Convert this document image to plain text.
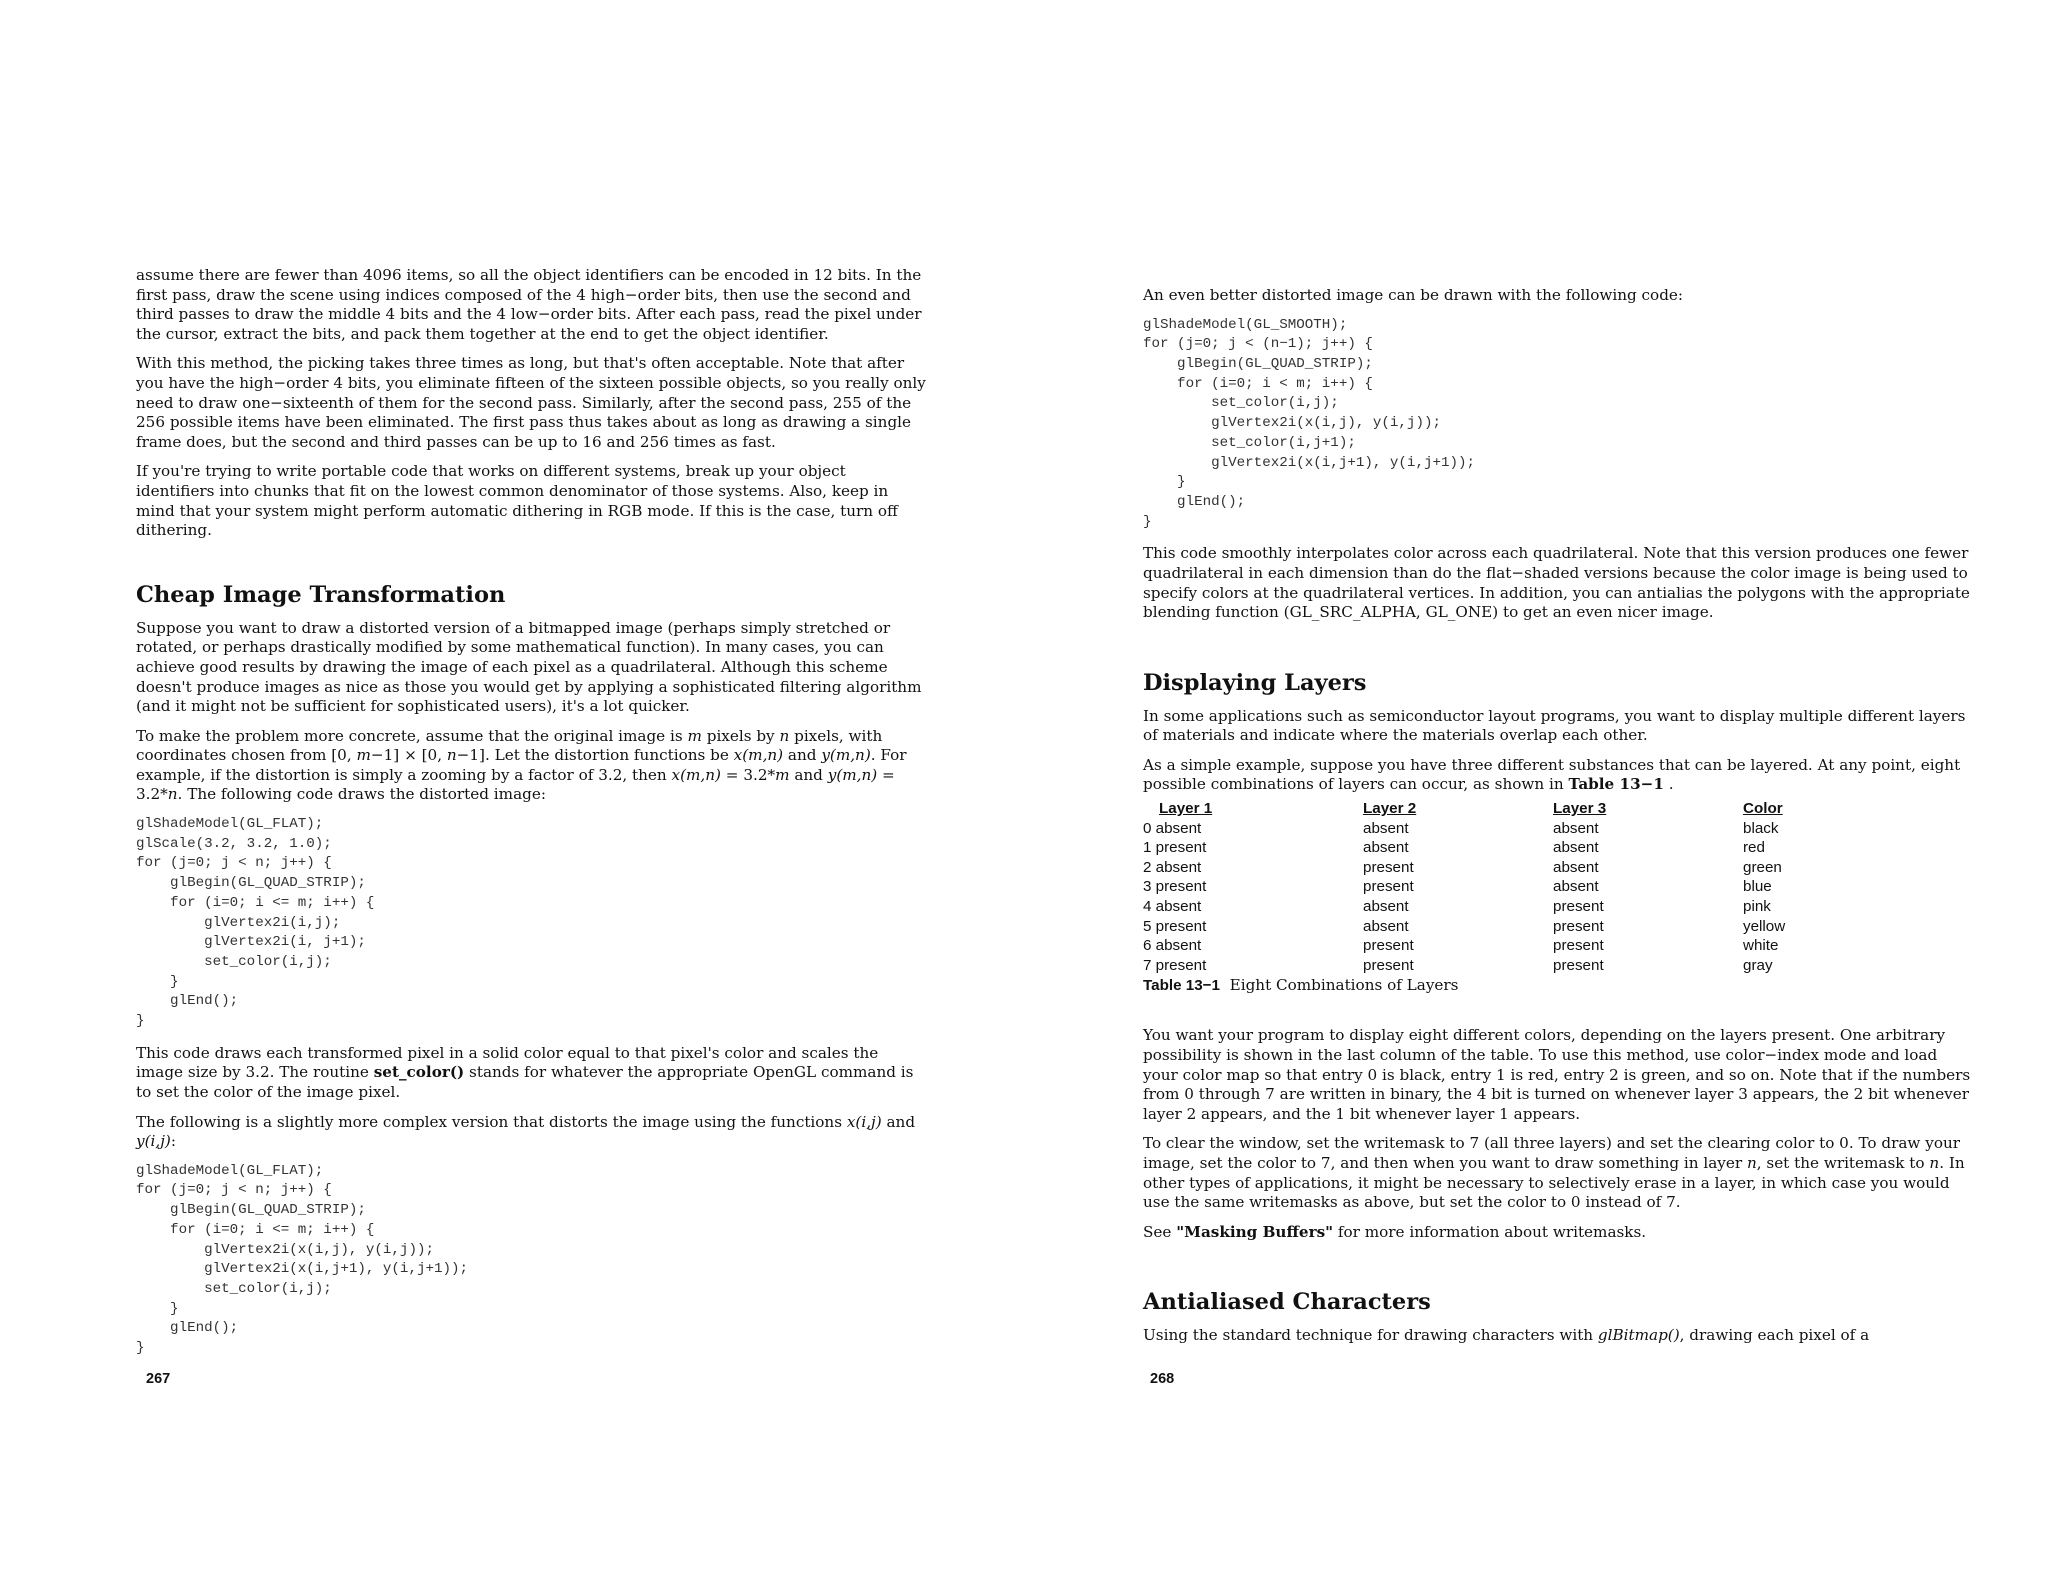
assume there are fewer than 4096 items, so all the object identifiers can be encoded in 12 bits. In the first pass, draw the scene using indices composed of the 4 high−order bits, then use the second and third passes to draw the middle 4 bits and the 4 low−order bits. After each pass, read the pixel under the cursor, extract the bits, and pack them together at the end to get the object identifier.

With this method, the picking takes three times as long, but that's often acceptable. Note that after you have the high−order 4 bits, you eliminate fifteen of the sixteen possible objects, so you really only need to draw one−sixteenth of them for the second pass. Similarly, after the second pass, 255 of the 256 possible items have been eliminated. The first pass thus takes about as long as drawing a single frame does, but the second and third passes can be up to 16 and 256 times as fast.

If you're trying to write portable code that works on different systems, break up your object identifiers into chunks that fit on the lowest common denominator of those systems. Also, keep in mind that your system might perform automatic dithering in RGB mode. If this is the case, turn off dithering.

Cheap Image Transformation

Suppose you want to draw a distorted version of a bitmapped image (perhaps simply stretched or rotated, or perhaps drastically modified by some mathematical function). In many cases, you can achieve good results by drawing the image of each pixel as a quadrilateral. Although this scheme doesn't produce images as nice as those you would get by applying a sophisticated filtering algorithm (and it might not be sufficient for sophisticated users), it's a lot quicker.

To make the problem more concrete, assume that the original image is m pixels by n pixels, with coordinates chosen from [0, m−1] × [0, n−1]. Let the distortion functions be x(m,n) and y(m,n). For example, if the distortion is simply a zooming by a factor of 3.2, then x(m,n) = 3.2*m and y(m,n) = 3.2*n. The following code draws the distorted image:

glShadeModel(GL_FLAT);
glScale(3.2, 3.2, 1.0);
for (j=0; j < n; j++) {
glBegin(GL_QUAD_STRIP);
for (i=0; i <= m; i++) {
glVertex2i(i,j);
glVertex2i(i, j+1);
set_color(i,j);
}
glEnd();
}

This code draws each transformed pixel in a solid color equal to that pixel's color and scales the image size by 3.2. The routine set_color() stands for whatever the appropriate OpenGL command is to set the color of the image pixel.

The following is a slightly more complex version that distorts the image using the functions x(i,j) and y(i,j):

glShadeModel(GL_FLAT);
for (j=0; j < n; j++) {
glBegin(GL_QUAD_STRIP);
for (i=0; i <= m; i++) {
glVertex2i(x(i,j), y(i,j));
glVertex2i(x(i,j+1), y(i,j+1));
set_color(i,j);
}
glEnd();
}
267

An even better distorted image can be drawn with the following code:

glShadeModel(GL_SMOOTH);
for (j=0; j < (n−1); j++) {
glBegin(GL_QUAD_STRIP);
for (i=0; i < m; i++) {
set_color(i,j);
glVertex2i(x(i,j), y(i,j));
set_color(i,j+1);
glVertex2i(x(i,j+1), y(i,j+1));
}
glEnd();
}

This code smoothly interpolates color across each quadrilateral. Note that this version produces one fewer quadrilateral in each dimension than do the flat−shaded versions because the color image is being used to specify colors at the quadrilateral vertices. In addition, you can antialias the polygons with the appropriate blending function (GL_SRC_ALPHA, GL_ONE) to get an even nicer image.

Displaying Layers

In some applications such as semiconductor layout programs, you want to display multiple different layers of materials and indicate where the materials overlap each other.

As a simple example, suppose you have three different substances that can be layered. At any point, eight possible combinations of layers can occur, as shown in Table 13−1 .

Layer 1	Layer 2	Layer 3	Color
0 absent	absent	absent	black
1 present	absent	absent	red
2 absent	present	absent	green
3 present	present	absent	blue
4 absent	absent	present	pink
5 present	absent	present	yellow
6 absent	present	present	white
7 present	present	present	gray
Table 13−1 Eight Combinations of Layers

You want your program to display eight different colors, depending on the layers present. One arbitrary possibility is shown in the last column of the table. To use this method, use color−index mode and load your color map so that entry 0 is black, entry 1 is red, entry 2 is green, and so on. Note that if the numbers from 0 through 7 are written in binary, the 4 bit is turned on whenever layer 3 appears, the 2 bit whenever layer 2 appears, and the 1 bit whenever layer 1 appears.

To clear the window, set the writemask to 7 (all three layers) and set the clearing color to 0. To draw your image, set the color to 7, and then when you want to draw something in layer n, set the writemask to n. In other types of applications, it might be necessary to selectively erase in a layer, in which case you would use the same writemasks as above, but set the color to 0 instead of 7.

See "Masking Buffers" for more information about writemasks.

Antialiased Characters

Using the standard technique for drawing characters with glBitmap(), drawing each pixel of a

268
